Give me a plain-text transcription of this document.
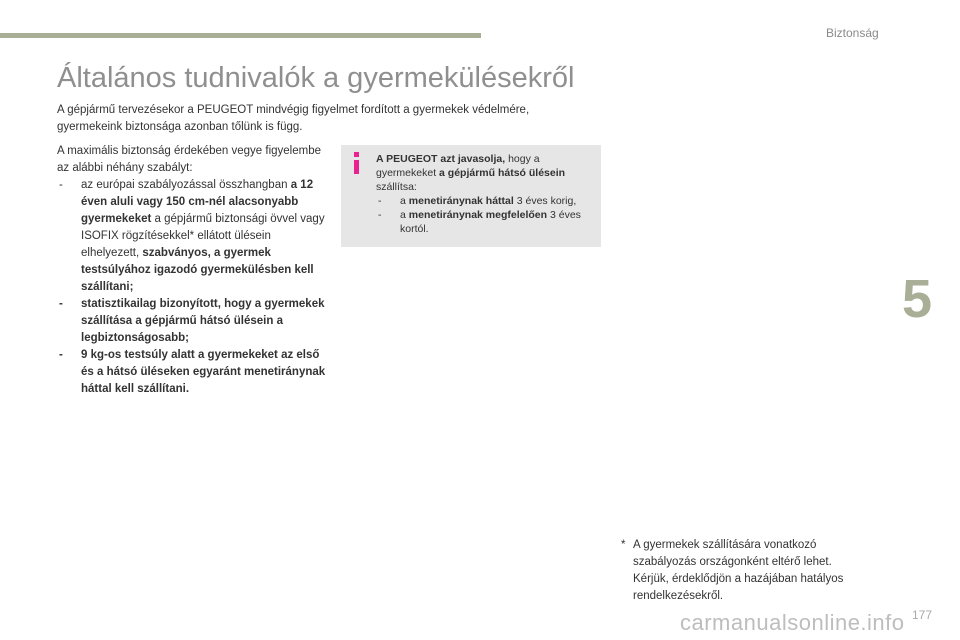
Biztonság
Általános tudnivalók a gyermekülésekről

A gépjármű tervezésekor a PEUGEOT mindvégig figyelmet fordított a gyermekek védelmére, gyermekeink biztonsága azonban tőlünk is függ.

A maximális biztonság érdekében vegye figyelembe az alábbi néhány szabályt:

- az európai szabályozással összhangban a 12 éven aluli vagy 150 cm-nél alacsonyabb gyermekeket a gépjármű biztonsági övvel vagy ISOFIX rögzítésekkel* ellátott ülésein elhelyezett, szabványos, a gyermek testsúlyához igazodó gyermekülésben kell szállítani;

- statisztikailag bizonyított, hogy a gyermekek szállítása a gépjármű hátsó ülésein a legbiztonságosabb;

- 9 kg-os testsúly alatt a gyermekeket az első és a hátsó üléseken egyaránt menetiránynak háttal kell szállítani.

A PEUGEOT azt javasolja, hogy a gyermekeket a gépjármű hátsó ülésein szállítsa:

- a menetiránynak háttal 3 éves korig,

- a menetiránynak megfelelően 3 éves kortól.

5
* A gyermekek szállítására vonatkozó szabályozás országonként eltérő lehet. Kérjük, érdeklődjön a hazájában hatályos rendelkezésekről.
carmanualsonline.info 177
